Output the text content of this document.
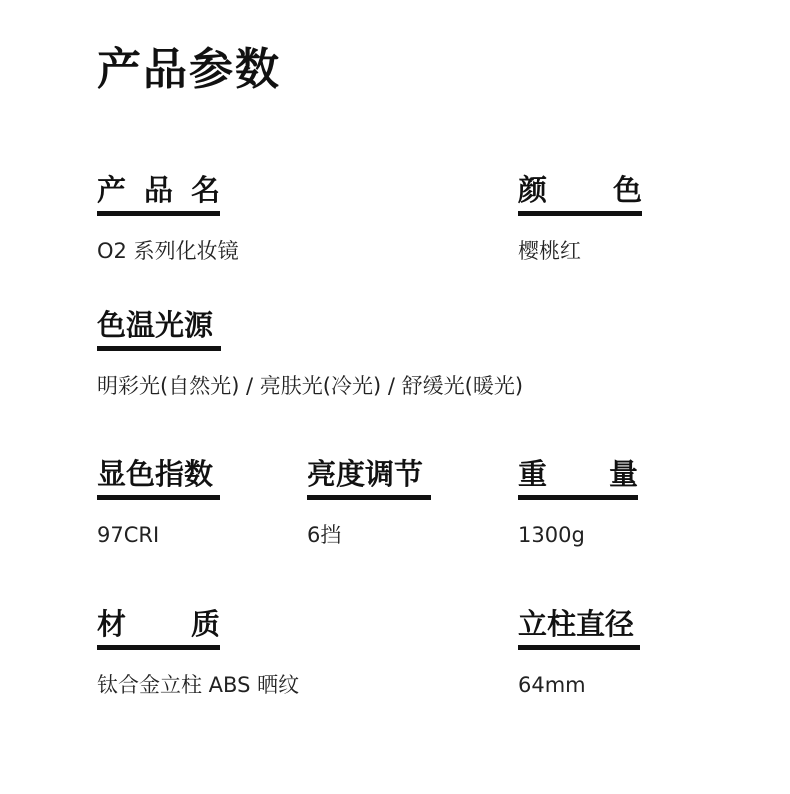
产品参数
产 品 名
O2 系列化妆镜
颜 色
樱桃红
色温光源
明彩光(自然光) / 亮肤光(冷光) / 舒缓光(暖光)
显色指数
97CRI
亮度调节
6挡
重 量
1300g
材 质
钛合金立柱 ABS 晒纹
立柱直径
64mm
